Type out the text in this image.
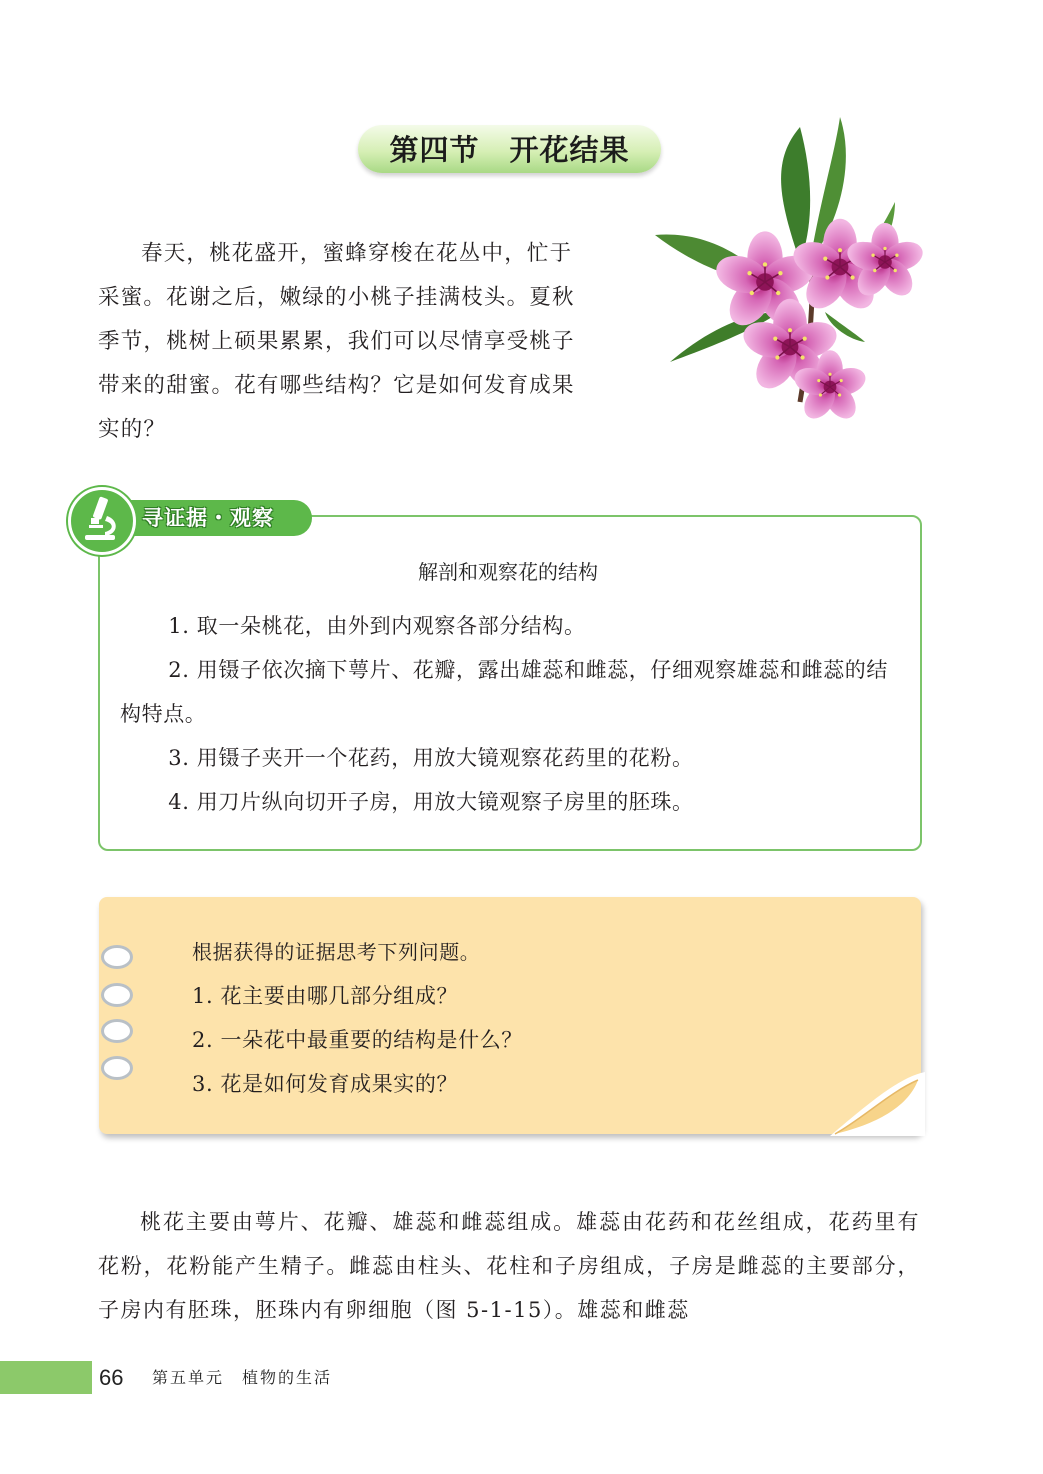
第四节　开花结果

春天，桃花盛开，蜜蜂穿梭在花丛中，忙于采蜜。花谢之后，嫩绿的小桃子挂满枝头。夏秋季节，桃树上硕果累累，我们可以尽情享受桃子带来的甜蜜。花有哪些结构？它是如何发育成果实的？

寻证据・观察
解剖和观察花的结构

1. 取一朵桃花，由外到内观察各部分结构。

2. 用镊子依次摘下萼片、花瓣，露出雄蕊和雌蕊，仔细观察雄蕊和雌蕊的结构特点。

3. 用镊子夹开一个花药，用放大镜观察花药里的花粉。

4. 用刀片纵向切开子房，用放大镜观察子房里的胚珠。

根据获得的证据思考下列问题。

1. 花主要由哪几部分组成？

2. 一朵花中最重要的结构是什么？

3. 花是如何发育成果实的？

桃花主要由萼片、花瓣、雄蕊和雌蕊组成。雄蕊由花药和花丝组成，花药里有花粉，花粉能产生精子。雌蕊由柱头、花柱和子房组成，子房是雌蕊的主要部分，子房内有胚珠，胚珠内有卵细胞（图 5-1-15）。雄蕊和雌蕊

66 第五单元　植物的生活
